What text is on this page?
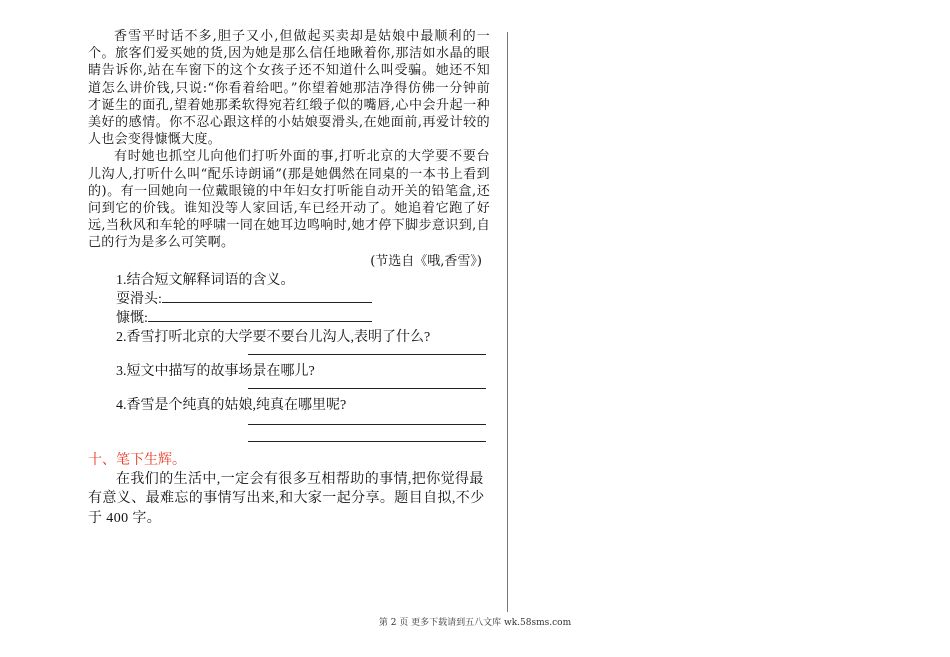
香雪平时话不多,胆子又小,但做起买卖却是姑娘中最顺利的一个。旅客们爱买她的货,因为她是那么信任地瞅着你,那洁如水晶的眼睛告诉你,站在车窗下的这个女孩子还不知道什么叫受骗。她还不知道怎么讲价钱,只说:“你看着给吧。”你望着她那洁净得仿佛一分钟前才诞生的面孔,望着她那柔软得宛若红缎子似的嘴唇,心中会升起一种美好的感情。你不忍心跟这样的小姑娘耍滑头,在她面前,再爱计较的人也会变得慷慨大度。

有时她也抓空儿向他们打听外面的事,打听北京的大学要不要台儿沟人,打听什么叫“配乐诗朗诵”(那是她偶然在同桌的一本书上看到的)。有一回她向一位戴眼镜的中年妇女打听能自动开关的铅笔盒,还问到它的价钱。谁知没等人家回话,车已经开动了。她追着它跑了好远,当秋风和车轮的呼啸一同在她耳边鸣响时,她才停下脚步意识到,自己的行为是多么可笑啊。

(节选自《哦,香雪》)

1.结合短文解释词语的含义。

耍滑头:
慷慨:

2.香雪打听北京的大学要不要台儿沟人,表明了什么?

3.短文中描写的故事场景在哪儿?

4.香雪是个纯真的姑娘,纯真在哪里呢?

十、笔下生辉。

在我们的生活中,一定会有很多互相帮助的事情,把你觉得最有意义、最难忘的事情写出来,和大家一起分享。题目自拟,不少于 400 字。

第 2 页 更多下载请到五八文库 wk.58sms.com
